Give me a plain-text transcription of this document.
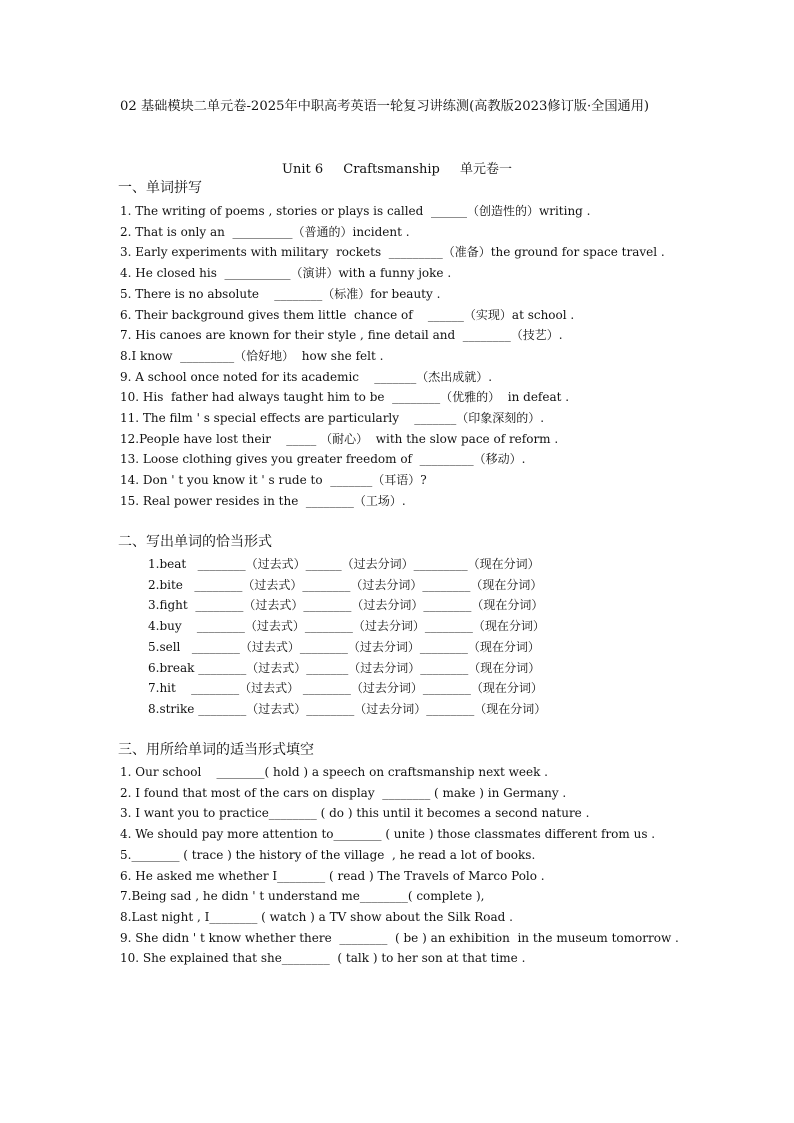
02 基础模块二单元卷-2025年中职高考英语一轮复习讲练测(高教版2023修订版·全国通用)
Unit 6 Craftsmanship 单元卷一
一、单词拼写
1. The writing of poems , stories or plays is called  ______（创造性的）writing .
2. That is only an  __________（普通的）incident .
3. Early experiments with military  rockets  _________（准备）the ground for space travel .
4. He closed his  ___________（演讲）with a funny joke .
5. There is no absolute    ________（标准）for beauty .
6. Their background gives them little  chance of    ______（实现）at school .
7. His canoes are known for their style , fine detail and  ________（技艺）.
8.I know  _________（恰好地）  how she felt .
9. A school once noted for its academic    _______（杰出成就）.
10. His  father had always taught him to be  ________（优雅的）  in defeat .
11. The film ' s special effects are particularly    _______（印象深刻的）.
12.People have lost their    _____ （耐心）  with the slow pace of reform .
13. Loose clothing gives you greater freedom of  _________（移动）.
14. Don ' t you know it ' s rude to  _______（耳语）?
15. Real power resides in the  ________（工场）.
二、写出单词的恰当形式
1.beat   ________（过去式）______（过去分词）_________（现在分词）
2.bite   ________（过去式）________（过去分词）________（现在分词）
3.fight  ________（过去式）________（过去分词）________（现在分词）
4.buy    ________（过去式）________（过去分词）________（现在分词）
5.sell   ________（过去式）________（过去分词）________（现在分词）
6.break ________（过去式）_______（过去分词）________（现在分词）
7.hit    ________（过去式） ________（过去分词）________（现在分词）
8.strike ________（过去式）________（过去分词）________（现在分词）
三、用所给单词的适当形式填空
1. Our school    ________( hold ) a speech on craftsmanship next week .
2. I found that most of the cars on display  ________ ( make ) in Germany .
3. I want you to practice________ ( do ) this until it becomes a second nature .
4. We should pay more attention to________ ( unite ) those classmates different from us .
5.________ ( trace ) the history of the village  , he read a lot of books.
6. He asked me whether I________ ( read ) The Travels of Marco Polo .
7.Being sad , he didn ' t understand me________( complete ),
8.Last night , I________ ( watch ) a TV show about the Silk Road .
9. She didn ' t know whether there  ________  ( be ) an exhibition  in the museum tomorrow .
10. She explained that she________  ( talk ) to her son at that time .
